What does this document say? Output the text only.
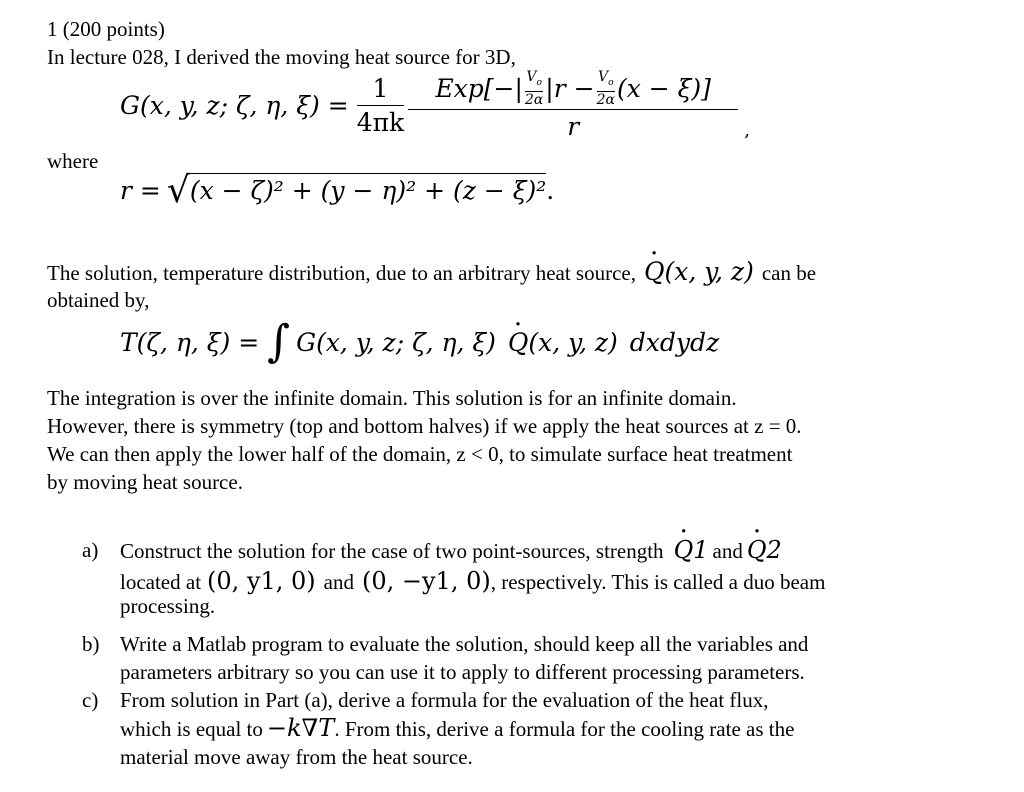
1 (200 points)
In lecture 028, I derived the moving heat source for 3D,
G(x, y, z; ζ, η, $\xi) = \frac{1}{4\pi k} Exp[-| \frac{V_o}{2\alpha} |r - \frac{V_o}{2\alpha} (x - \xi)]$
r	,
where
r = √ (x − ζ)² + (y − η)² + (z − ξ)² .
The solution, temperature distribution, due to an arbitrary heat source, · Q(x, y, z) can be
obtained by,
T(ζ, η, ξ) = ∫ G(x, y, z; ζ, η, ξ) · Q(x, y, z) dxdydz
The integration is over the infinite domain. This solution is for an infinite domain.
However, there is symmetry (top and bottom halves) if we apply the heat sources at z = 0.
We can then apply the lower half of the domain, z < 0, to simulate surface heat treatment
by moving heat source.
a) Construct the solution for the case of two point-sources, strength · Q1 and · Q2
located at (0, y1, 0) and (0, −y1, 0) , respectively. This is called a duo beam
processing.
b) Write a Matlab program to evaluate the solution, should keep all the variables and
parameters arbitrary so you can use it to apply to different processing parameters.
c) From solution in Part (a), derive a formula for the evaluation of the heat flux,
which is equal to −k∇T . From this, derive a formula for the cooling rate as the
material move away from the heat source.
